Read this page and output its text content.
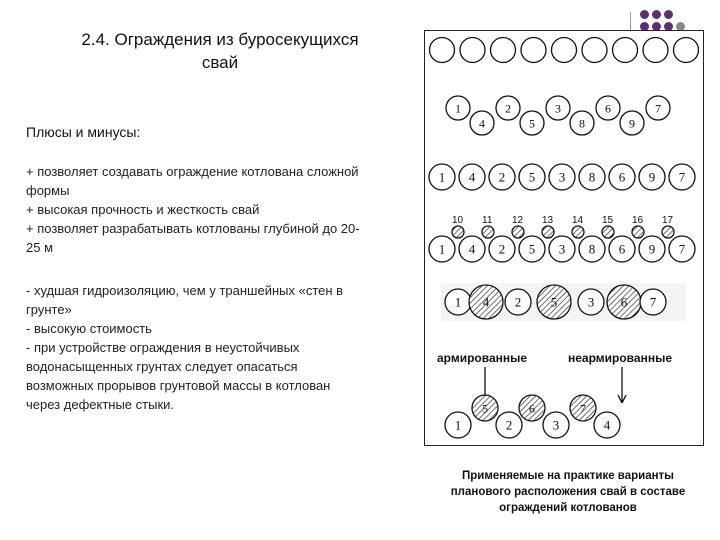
2.4. Ограждения из буросекущихся
свай
Плюсы и минусы:
+ позволяет создавать ограждение котлована сложной
формы
+ высокая прочность и жесткость свай
+ позволяет разрабатывать котлованы глубиной до 20-
25 м
- худшая гидроизоляцию, чем у траншейных «стен в
грунте»
- высокую стоимость
- при устройстве ограждения в неустойчивых
водонасыщенных грунтах следует опасаться
возможных прорывов грунтовой массы в котлован
через дефектные стыки.
1	2	3	6	7
4	5	8	9
1 4 2 5 3 8 6 9 7
10 11 12 13 14 15 16 17
1 4 2 5 3 8 6 9 7
1 4 2 5 3 6 7
армированные	неармированные
5	6	7
1	2	3	4
Применяемые на практике варианты
планового расположения свай в составе
ограждений котлованов
